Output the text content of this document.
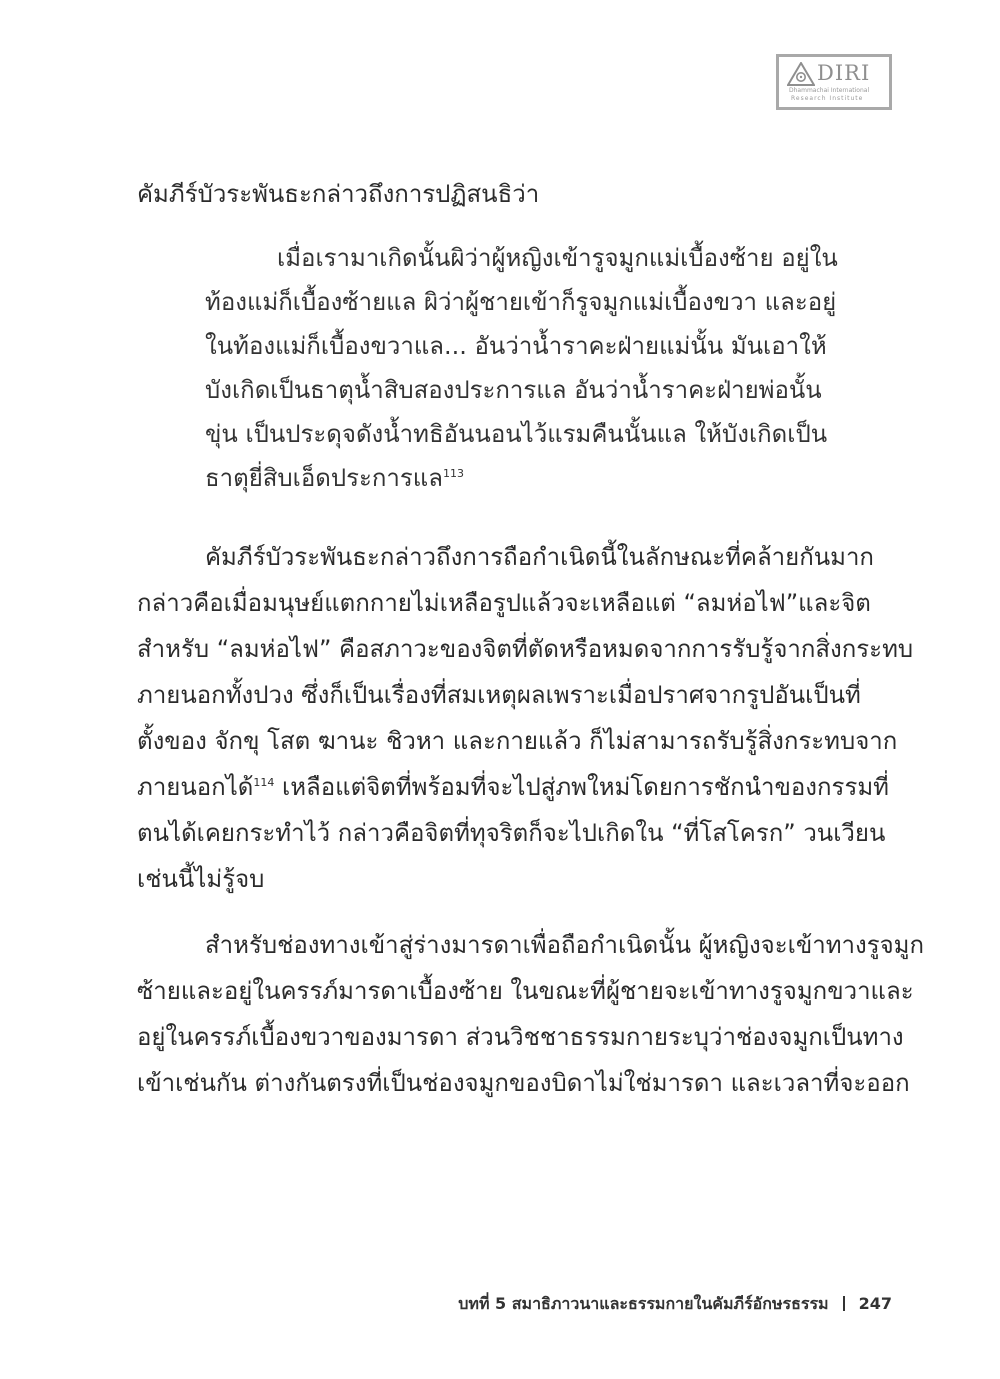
DIRI
Dhammachai International
Research Institute
คัมภีร์บัวระพันธะกล่าวถึงการปฏิสนธิว่า
เมื่อเรามาเกิดนั้นผิว่าผู้หญิงเข้ารูจมูกแม่เบื้องซ้าย อยู่ใน
ท้องแม่ก็เบื้องซ้ายแล ผิว่าผู้ชายเข้าก็รูจมูกแม่เบื้องขวา และอยู่
ในท้องแม่ก็เบื้องขวาแล... อันว่าน้ำราคะฝ่ายแม่นั้น มันเอาให้
บังเกิดเป็นธาตุน้ำสิบสองประการแล อันว่าน้ำราคะฝ่ายพ่อนั้น
ขุ่น เป็นประดุจดังน้ำทธิอันนอนไว้แรมคืนนั้นแล ให้บังเกิดเป็น
ธาตุยี่สิบเอ็ดประการแล$^{113}$
คัมภีร์บัวระพันธะกล่าวถึงการถือกำเนิดนี้ในลักษณะที่คล้ายกันมาก
กล่าวคือเมื่อมนุษย์แตกกายไม่เหลือรูปแล้วจะเหลือแต่ “ลมห่อไฟ”และจิต
สำหรับ “ลมห่อไฟ” คือสภาวะของจิตที่ตัดหรือหมดจากการรับรู้จากสิ่งกระทบ
ภายนอกทั้งปวง ซึ่งก็เป็นเรื่องที่สมเหตุผลเพราะเมื่อปราศจากรูปอันเป็นที่
ตั้งของ จักขุ โสต ฆานะ ชิวหา และกายแล้ว ก็ไม่สามารถรับรู้สิ่งกระทบจาก
ภายนอกได้$^{114}$ เหลือแต่จิตที่พร้อมที่จะไปสู่ภพใหม่โดยการชักนำของกรรมที่
ตนได้เคยกระทำไว้ กล่าวคือจิตที่ทุจริตก็จะไปเกิดใน “ที่โสโครก” วนเวียน
เช่นนี้ไม่รู้จบ
สำหรับช่องทางเข้าสู่ร่างมารดาเพื่อถือกำเนิดนั้น ผู้หญิงจะเข้าทางรูจมูก
ซ้ายและอยู่ในครรภ์มารดาเบื้องซ้าย ในขณะที่ผู้ชายจะเข้าทางรูจมูกขวาและ
อยู่ในครรภ์เบื้องขวาของมารดา ส่วนวิชชาธรรมกายระบุว่าช่องจมูกเป็นทาง
เข้าเช่นกัน ต่างกันตรงที่เป็นช่องจมูกของบิดาไม่ใช่มารดา และเวลาที่จะออก
บทที่ 5 สมาธิภาวนาและธรรมกายในคัมภีร์อักษรธรรม 247
